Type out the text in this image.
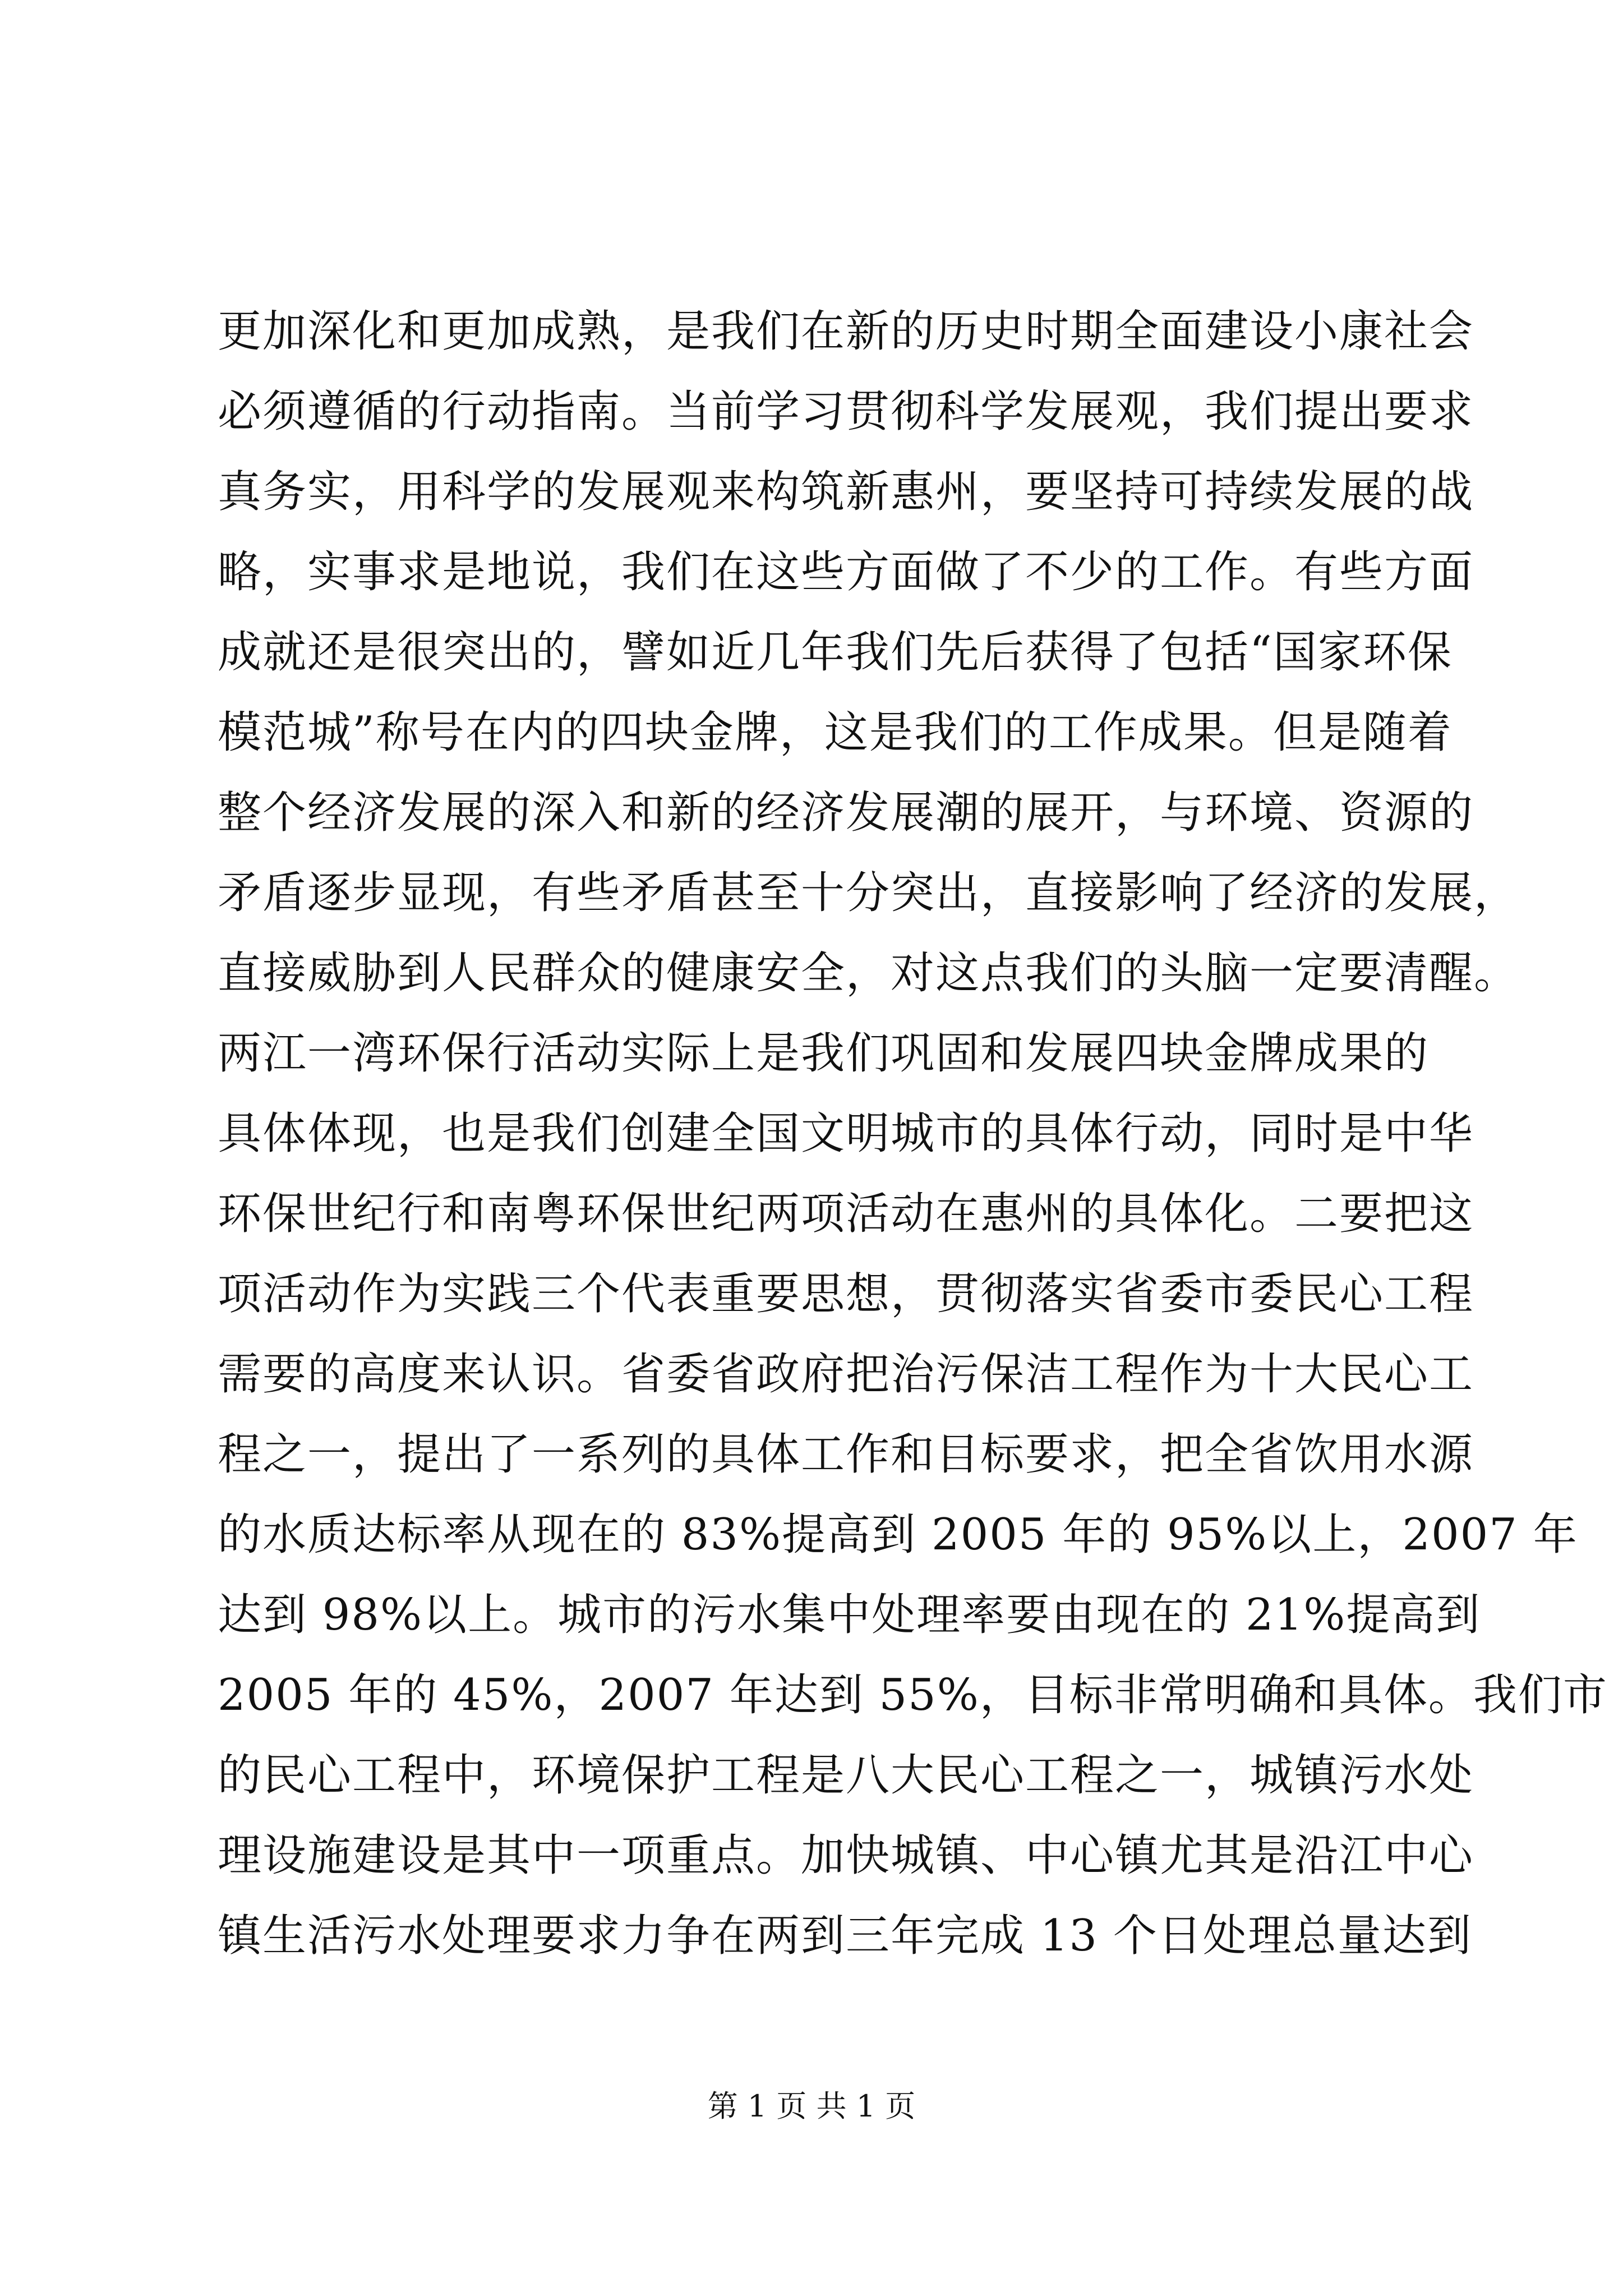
更加深化和更加成熟，是我们在新的历史时期全面建设小康社会
必须遵循的行动指南。当前学习贯彻科学发展观，我们提出要求
真务实，用科学的发展观来构筑新惠州，要坚持可持续发展的战
略，实事求是地说，我们在这些方面做了不少的工作。有些方面
成就还是很突出的，譬如近几年我们先后获得了包括“国家环保
模范城”称号在内的四块金牌，这是我们的工作成果。但是随着
整个经济发展的深入和新的经济发展潮的展开，与环境、资源的
矛盾逐步显现，有些矛盾甚至十分突出，直接影响了经济的发展，
直接威胁到人民群众的健康安全，对这点我们的头脑一定要清醒。
两江一湾环保行活动实际上是我们巩固和发展四块金牌成果的
具体体现，也是我们创建全国文明城市的具体行动，同时是中华
环保世纪行和南粤环保世纪两项活动在惠州的具体化。二要把这
项活动作为实践三个代表重要思想，贯彻落实省委市委民心工程
需要的高度来认识。省委省政府把治污保洁工程作为十大民心工
程之一，提出了一系列的具体工作和目标要求，把全省饮用水源
的水质达标率从现在的 83%提高到 2005 年的 95%以上，2007 年
达到 98%以上。城市的污水集中处理率要由现在的 21%提高到
2005 年的 45%，2007 年达到 55%，目标非常明确和具体。我们市
的民心工程中，环境保护工程是八大民心工程之一，城镇污水处
理设施建设是其中一项重点。加快城镇、中心镇尤其是沿江中心
镇生活污水处理要求力争在两到三年完成 13 个日处理总量达到
第 1 页 共 1 页
